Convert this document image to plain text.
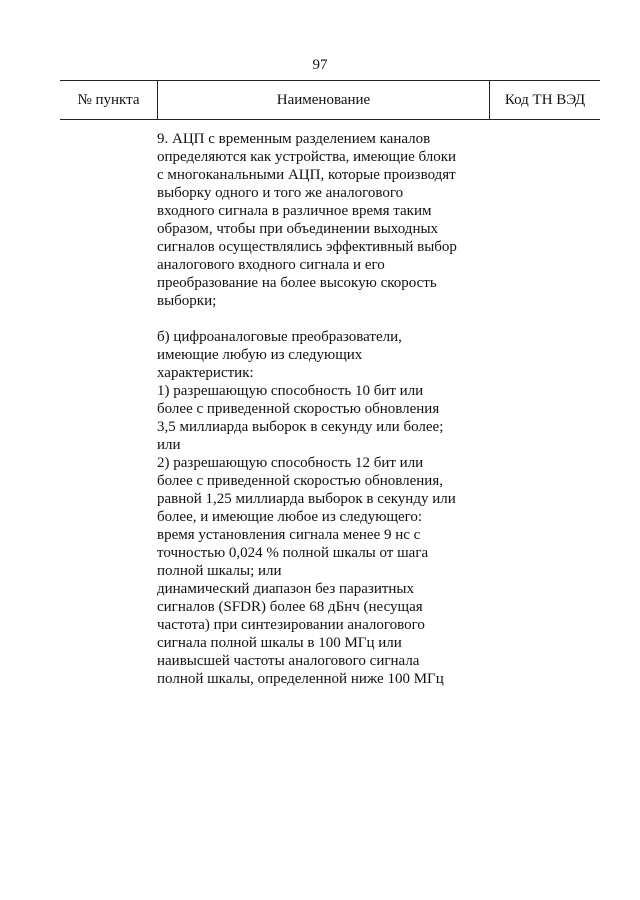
97
№ пункта	Наименование	Код ТН ВЭД

9. АЦП с временным разделением каналов
определяются как устройства, имеющие блоки
с многоканальными АЦП, которые производят
выборку одного и того же аналогового
входного сигнала в различное время таким
образом, чтобы при объединении выходных
сигналов осуществлялись эффективный выбор
аналогового входного сигнала и его
преобразование на более высокую скорость
выборки;

б) цифроаналоговые преобразователи,
имеющие любую из следующих
характеристик:
1) разрешающую способность 10 бит или
более с приведенной скоростью обновления
3,5 миллиарда выборок в секунду или более;
или
2) разрешающую способность 12 бит или
более с приведенной скоростью обновления,
равной 1,25 миллиарда выборок в секунду или
более, и имеющие любое из следующего:
время установления сигнала менее 9 нс с
точностью 0,024 % полной шкалы от шага
полной шкалы; или
динамический диапазон без паразитных
сигналов (SFDR) более 68 дБнч (несущая
частота) при синтезировании аналогового
сигнала полной шкалы в 100 МГц или
наивысшей частоты аналогового сигнала
полной шкалы, определенной ниже 100 МГц
